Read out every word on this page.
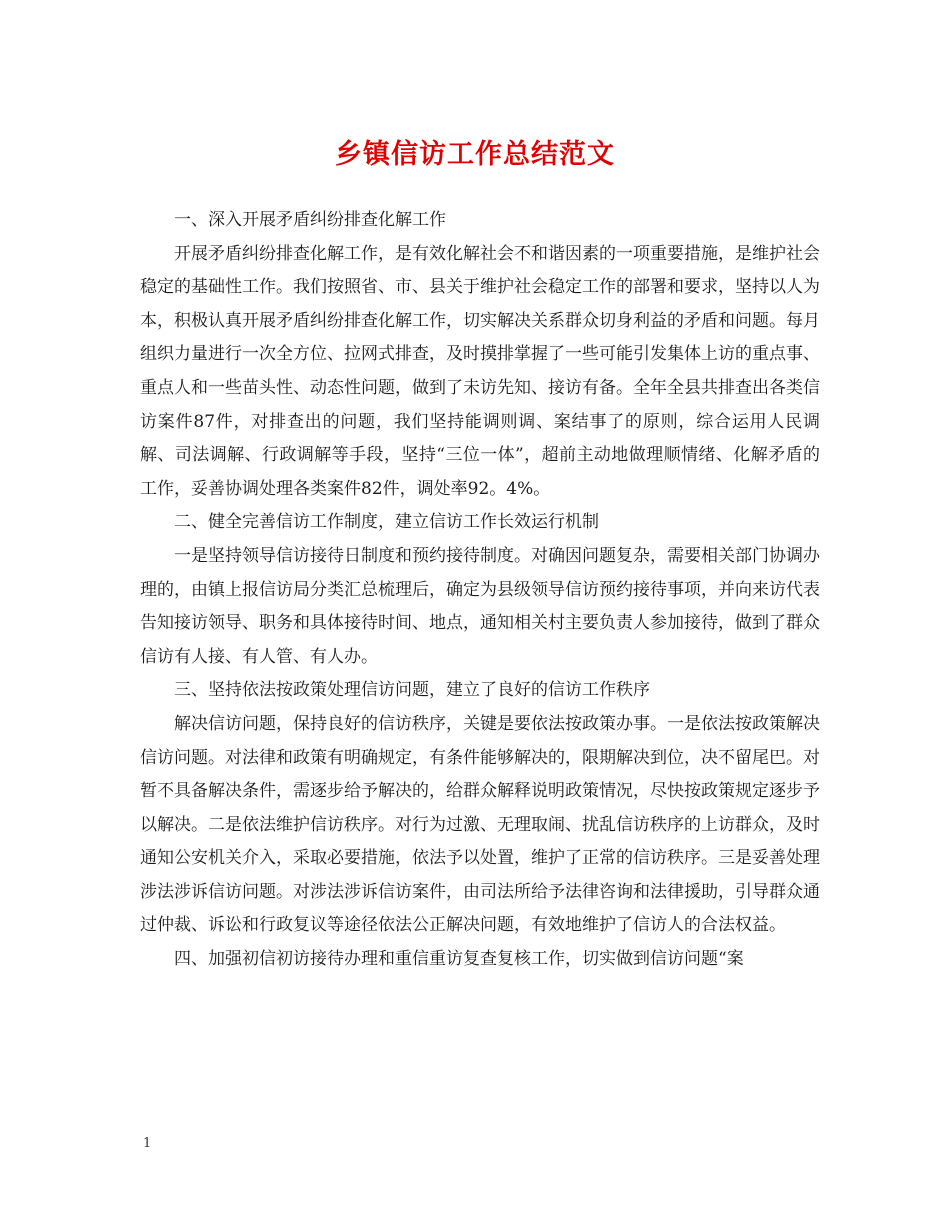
乡镇信访工作总结范文

一、深入开展矛盾纠纷排查化解工作

开展矛盾纠纷排查化解工作，是有效化解社会不和谐因素的一项重要措施，是维护社会稳定的基础性工作。我们按照省、市、县关于维护社会稳定工作的部署和要求，坚持以人为本，积极认真开展矛盾纠纷排查化解工作，切实解决关系群众切身利益的矛盾和问题。每月组织力量进行一次全方位、拉网式排查，及时摸排掌握了一些可能引发集体上访的重点事、重点人和一些苗头性、动态性问题，做到了未访先知、接访有备。全年全县共排查出各类信访案件87件，对排查出的问题，我们坚持能调则调、案结事了的原则，综合运用人民调解、司法调解、行政调解等手段，坚持“三位一体”，超前主动地做理顺情绪、化解矛盾的工作，妥善协调处理各类案件82件，调处率92。4%。

二、健全完善信访工作制度，建立信访工作长效运行机制

一是坚持领导信访接待日制度和预约接待制度。对确因问题复杂，需要相关部门协调办理的，由镇上报信访局分类汇总梳理后，确定为县级领导信访预约接待事项，并向来访代表告知接访领导、职务和具体接待时间、地点，通知相关村主要负责人参加接待，做到了群众信访有人接、有人管、有人办。

三、坚持依法按政策处理信访问题，建立了良好的信访工作秩序

解决信访问题，保持良好的信访秩序，关键是要依法按政策办事。一是依法按政策解决信访问题。对法律和政策有明确规定，有条件能够解决的，限期解决到位，决不留尾巴。对暂不具备解决条件，需逐步给予解决的，给群众解释说明政策情况，尽快按政策规定逐步予以解决。二是依法维护信访秩序。对行为过激、无理取闹、扰乱信访秩序的上访群众，及时通知公安机关介入，采取必要措施，依法予以处置，维护了正常的信访秩序。三是妥善处理涉法涉诉信访问题。对涉法涉诉信访案件，由司法所给予法律咨询和法律援助，引导群众通过仲裁、诉讼和行政复议等途径依法公正解决问题，有效地维护了信访人的合法权益。

四、加强初信初访接待办理和重信重访复查复核工作，切实做到信访问题“案

1
